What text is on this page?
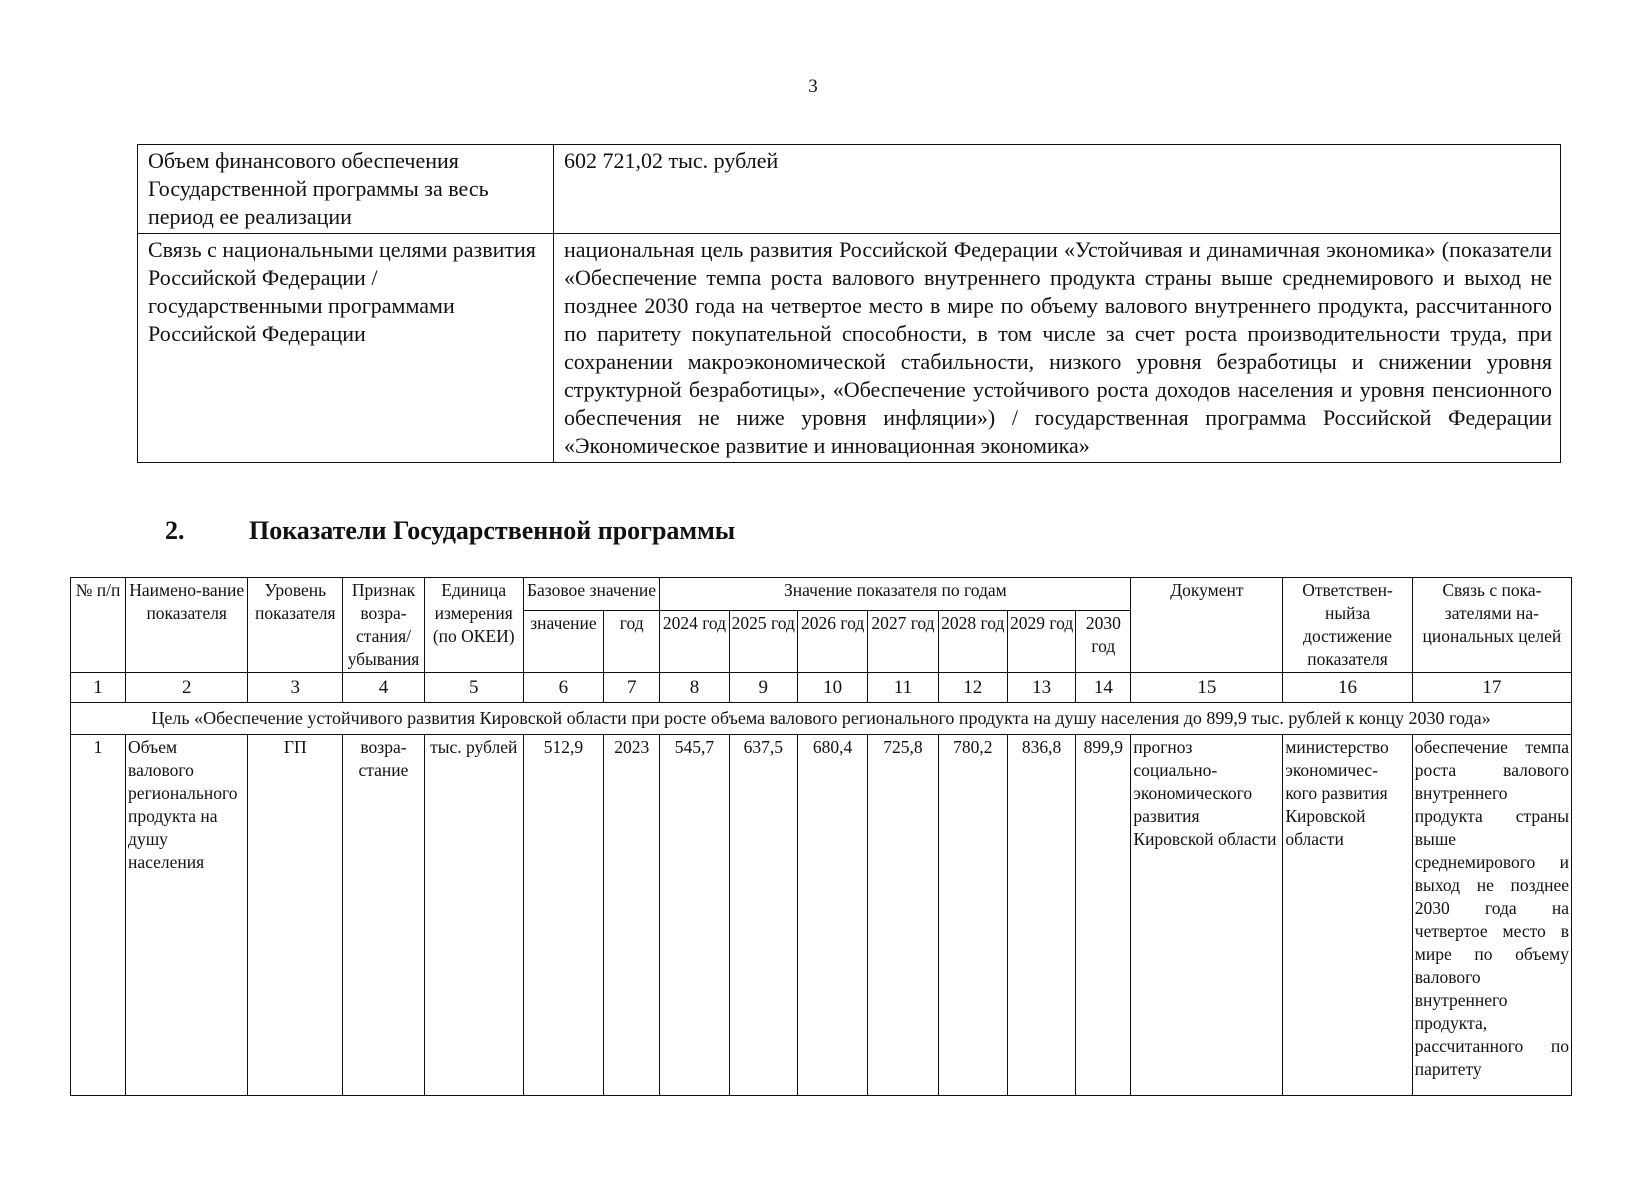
3
Объем финансового обеспечения Государственной программы за весь период ее реализации	602 721,02 тыс. рублей
Связь с национальными целями развития Российской Федерации / государственными программами Российской Федерации	национальная цель развития Российской Федерации «Устойчивая и динамичная экономика» (показатели «Обеспечение темпа роста валового внутреннего продукта страны выше среднемирового и выход не позднее 2030 года на четвертое место в мире по объему валового внутреннего продукта, рассчитанного по паритету покупательной способности, в том числе за счет роста производительности труда, при сохранении макроэкономической стабильности, низкого уровня безработицы и снижении уровня структурной безработицы», «Обеспечение устойчивого роста доходов населения и уровня пенсионного обеспечения не ниже уровня инфляции») / государственная программа Российской Федерации «Экономическое развитие и инновационная экономика»
2. Показатели Государственной программы
№ п/п	Наимено-вание показателя	Уровень показателя	Признак возра-стания/ убывания	Единица измерения (по ОКЕИ)	Базовое значение		Значение показателя по годам							Документ	Ответствен-ныйза достижение показателя	Связь с пока-зателями на-циональных целей
					значение	год	2024 год	2025 год	2026 год	2027 год	2028 год	2029 год	2030 год			
1	2	3	4	5	6	7	8	9	10	11	12	13	14	15	16	17
Цель «Обеспечение устойчивого развития Кировской области при росте объема валового регионального продукта на душу населения до 899,9 тыс. рублей к концу 2030 года»																
1	Объем валового регионального продукта на душу населения	ГП	возра-стание	тыс. рублей	512,9	2023	545,7	637,5	680,4	725,8	780,2	836,8	899,9	прогноз социально-экономического развития Кировской области	министерство экономичес-кого развития Кировской области	обеспечение темпа роста валового внутреннего продукта страны выше среднемирового и выход не позднее 2030 года на четвертое место в мире по объему валового внутреннего продукта, рассчитанного по паритету
